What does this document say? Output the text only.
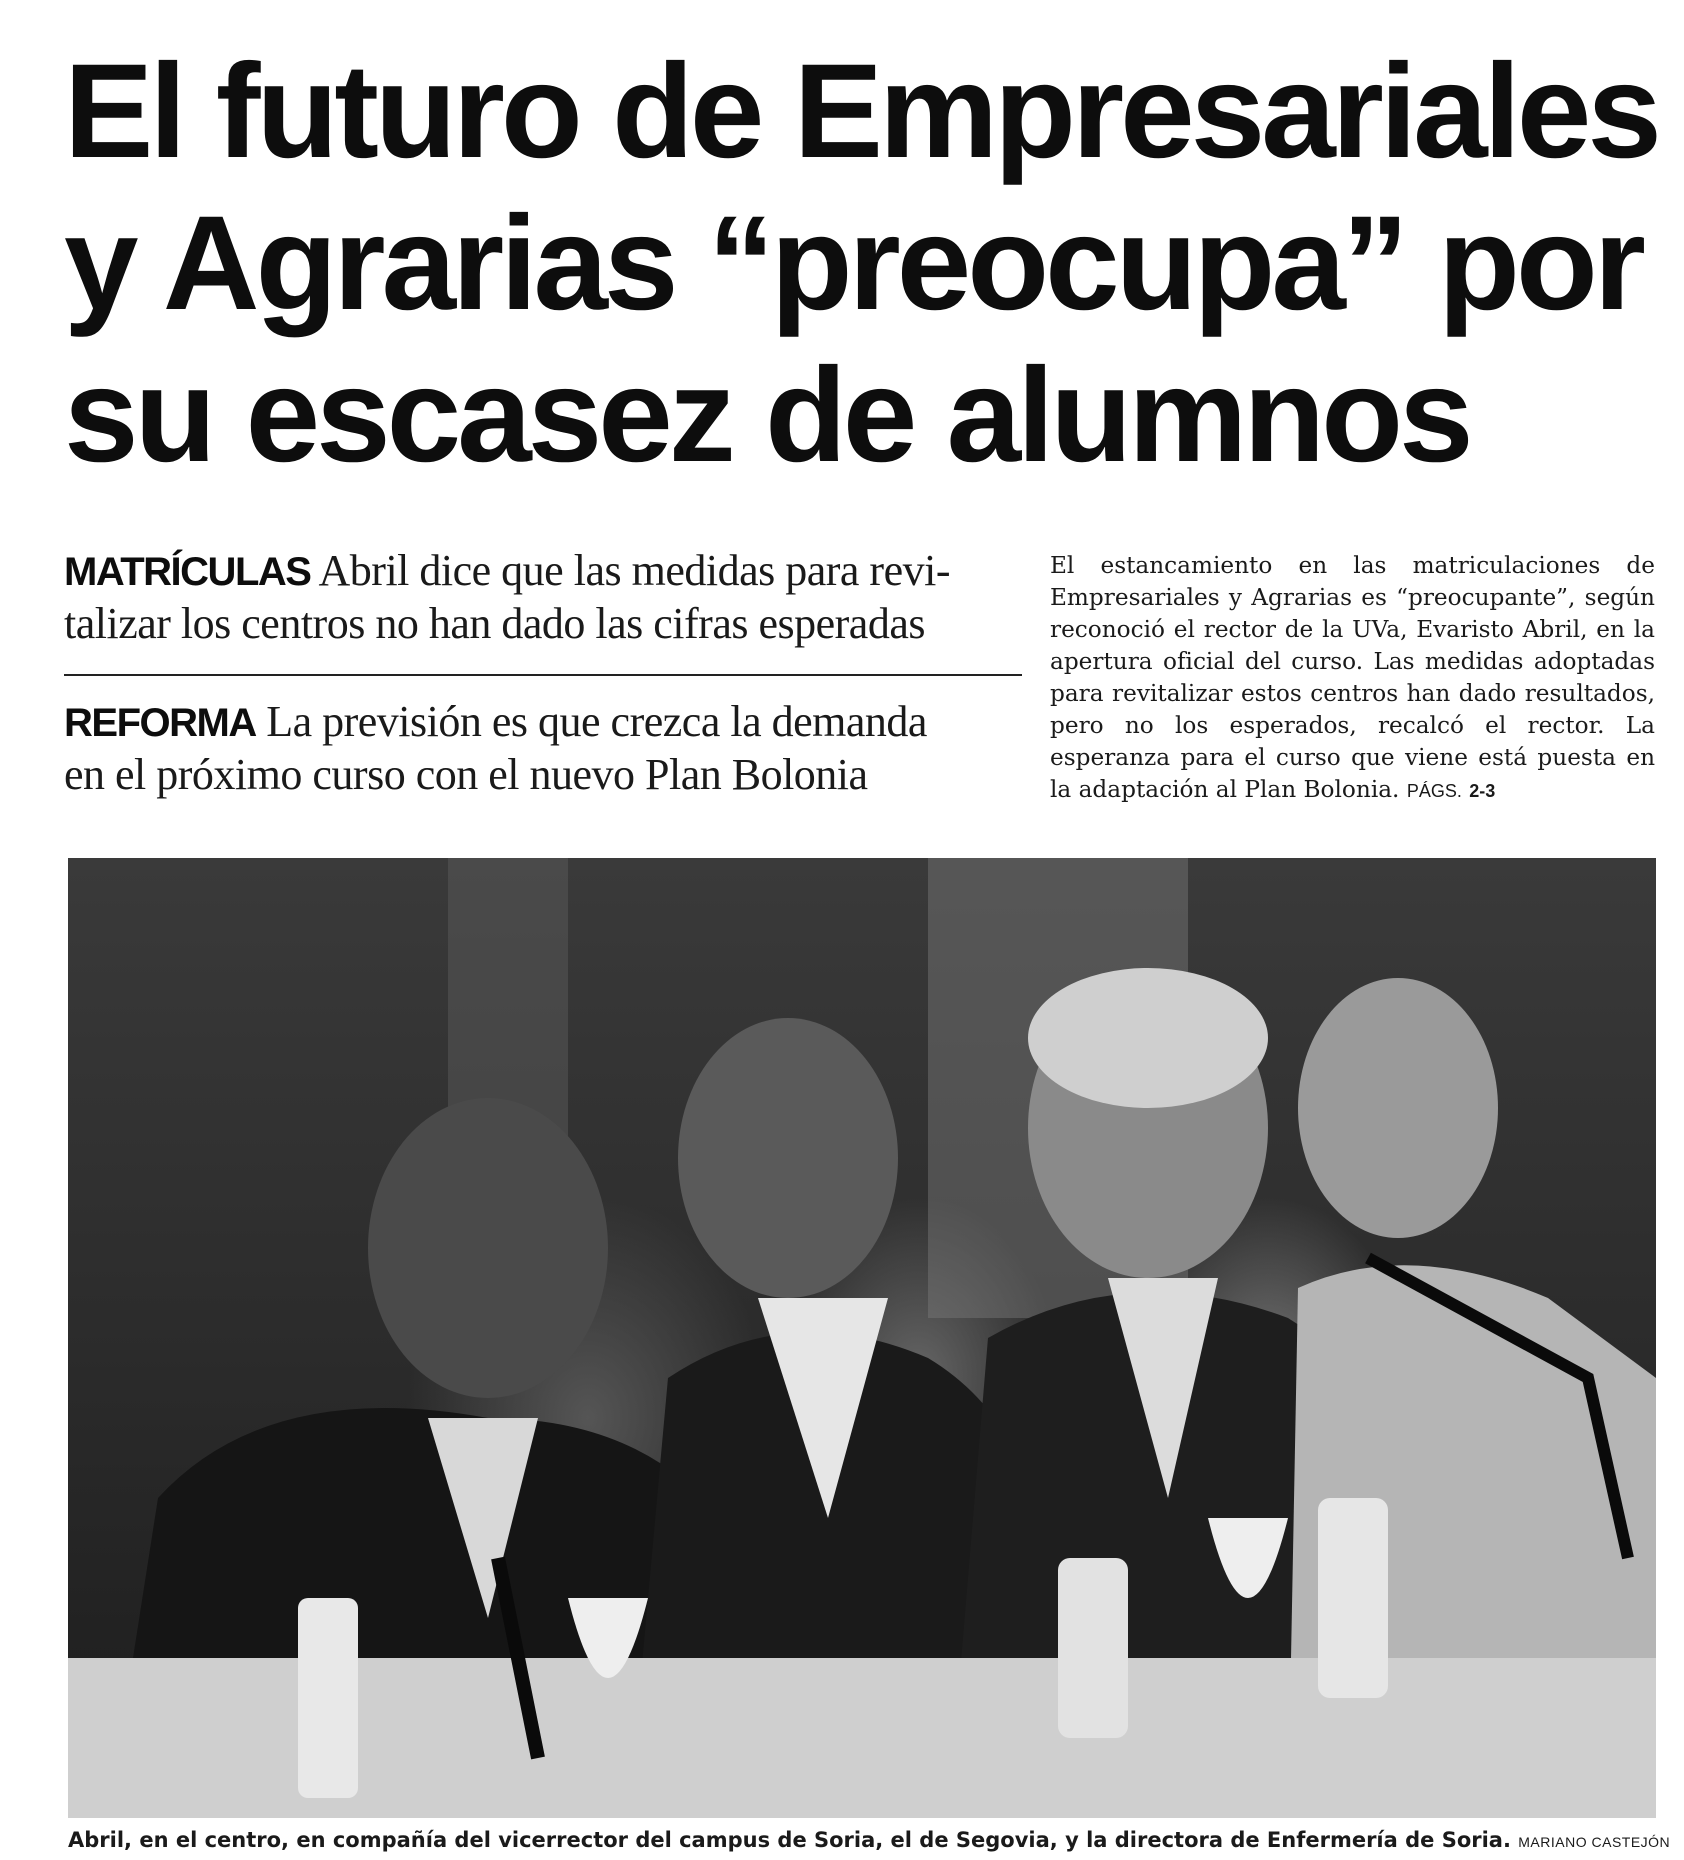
El futuro de Empresariales
y Agrarias “preocupa” por
su escasez de alumnos
MATRÍCULAS Abril dice que las medidas para revi-
talizar los centros no han dado las cifras esperadas
REFORMA La previsión es que crezca la demanda
en el próximo curso con el nuevo Plan Bolonia

El estancamiento en las matriculaciones de Empresariales y Agrarias es “preocupante”, según reconoció el rector de la UVa, Evaristo Abril, en la apertura oficial del curso. Las medidas adoptadas para revitalizar estos centros han dado resultados, pero no los esperados, recalcó el rector. La esperanza para el curso que viene está puesta en la adaptación al Plan Bolonia. PÁGS. 2-3

Abril, en el centro, en compañía del vicerrector del campus de Soria, el de Segovia, y la directora de Enfermería de Soria. MARIANO CASTEJÓN
